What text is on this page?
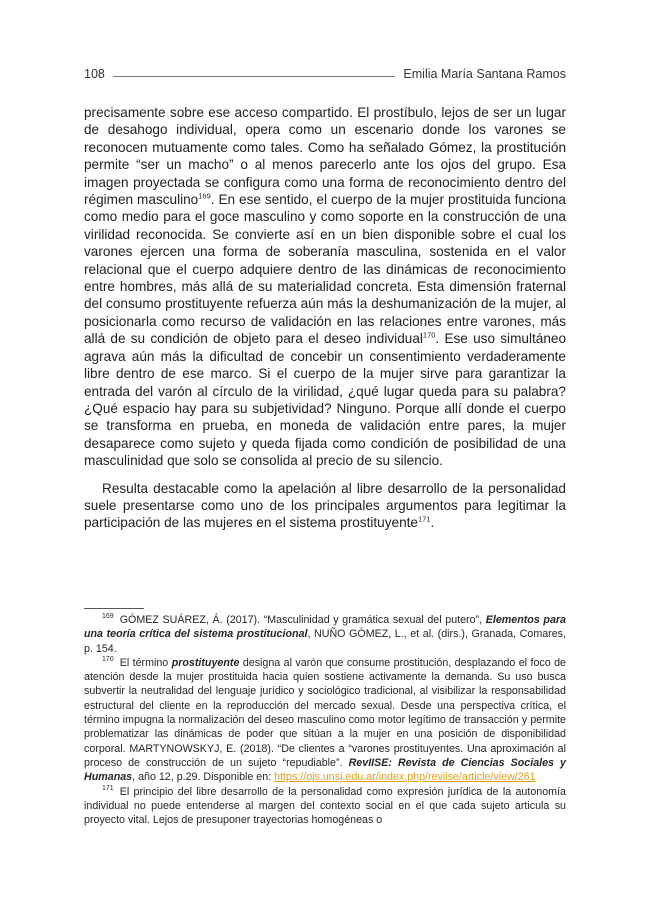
108	Emilia María Santana Ramos

precisamente sobre ese acceso compartido. El prostíbulo, lejos de ser un lugar de desahogo individual, opera como un escenario donde los varones se reconocen mutuamente como tales. Como ha señalado Gómez, la prostitución permite “ser un macho” o al menos parecerlo ante los ojos del grupo. Esa imagen proyectada se configura como una forma de reconocimiento dentro del régimen masculino$^{169}$. En ese sentido, el cuerpo de la mujer prostituida funciona como medio para el goce masculino y como soporte en la construcción de una virilidad reconocida. Se convierte así en un bien disponible sobre el cual los varones ejercen una forma de soberanía masculina, sostenida en el valor relacional que el cuerpo adquiere dentro de las dinámicas de reconocimiento entre hombres, más allá de su materialidad concreta. Esta dimensión fraternal del consumo prostituyente refuerza aún más la deshumanización de la mujer, al posicionarla como recurso de validación en las relaciones entre varones, más allá de su condición de objeto para el deseo individual$^{170}$. Ese uso simultáneo agrava aún más la dificultad de concebir un consentimiento verdaderamente libre dentro de ese marco. Si el cuerpo de la mujer sirve para garantizar la entrada del varón al círculo de la virilidad, ¿qué lugar queda para su palabra? ¿Qué espacio hay para su subjetividad? Ninguno. Porque allí donde el cuerpo se transforma en prueba, en moneda de validación entre pares, la mujer desaparece como sujeto y queda fijada como condición de posibilidad de una masculinidad que solo se consolida al precio de su silencio.

Resulta destacable como la apelación al libre desarrollo de la personalidad suele presentarse como uno de los principales argumentos para legitimar la participación de las mujeres en el sistema prostituyente$^{171}$.

$^{169}$ GÓMEZ SUÁREZ, Á. (2017). “Masculinidad y gramática sexual del putero”, Elementos para una teoría crítica del sistema prostitucional, NUÑO GÓMEZ, L., et al. (dirs.), Granada, Comares, p. 154.

$^{170}$ El término prostituyente designa al varón que consume prostitución, desplazando el foco de atención desde la mujer prostituida hacia quien sostiene activamente la demanda. Su uso busca subvertir la neutralidad del lenguaje jurídico y sociológico tradicional, al visibilizar la responsabilidad estructural del cliente en la reproducción del mercado sexual. Desde una perspectiva crítica, el término impugna la normalización del deseo masculino como motor legítimo de transacción y permite problematizar las dinámicas de poder que sitúan a la mujer en una posición de disponibilidad corporal. MARTYNOWSKYJ, E. (2018). “De clientes a “varones prostituyentes. Una aproximación al proceso de construcción de un sujeto “repudiable”. RevIISE: Revista de Ciencias Sociales y Humanas, año 12, p.29. Disponible en: https://ojs.unsj.edu.ar/index.php/reviise/article/view/261

$^{171}$ El principio del libre desarrollo de la personalidad como expresión jurídica de la autonomía individual no puede entenderse al margen del contexto social en el que cada sujeto articula su proyecto vital. Lejos de presuponer trayectorias homogéneas o
